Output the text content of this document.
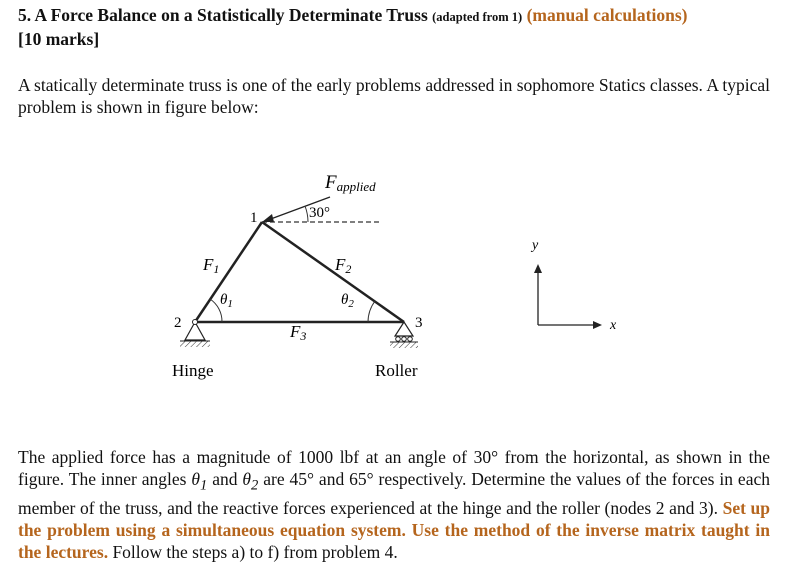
5. A Force Balance on a Statistically Determinate Truss (adapted from 1) (manual calculations)
[10 marks]
A statically determinate truss is one of the early problems addressed in sophomore Statics classes. A typical problem is shown in figure below:
Fapplied
30°
1
2	3
F1	F2
F3
$\theta_1$	$\theta_2$
Hinge	Roller
y
x
The applied force has a magnitude of 1000 lbf at an angle of 30° from the horizontal, as shown in the figure. The inner angles $\theta_1$ and $\theta_2$ are 45° and 65° respectively. Determine the values of the forces in each member of the truss, and the reactive forces experienced at the hinge and the roller (nodes 2 and 3). Set up the problem using a simultaneous equation system. Use the method of the inverse matrix taught in the lectures. Follow the steps a) to f) from problem 4.
